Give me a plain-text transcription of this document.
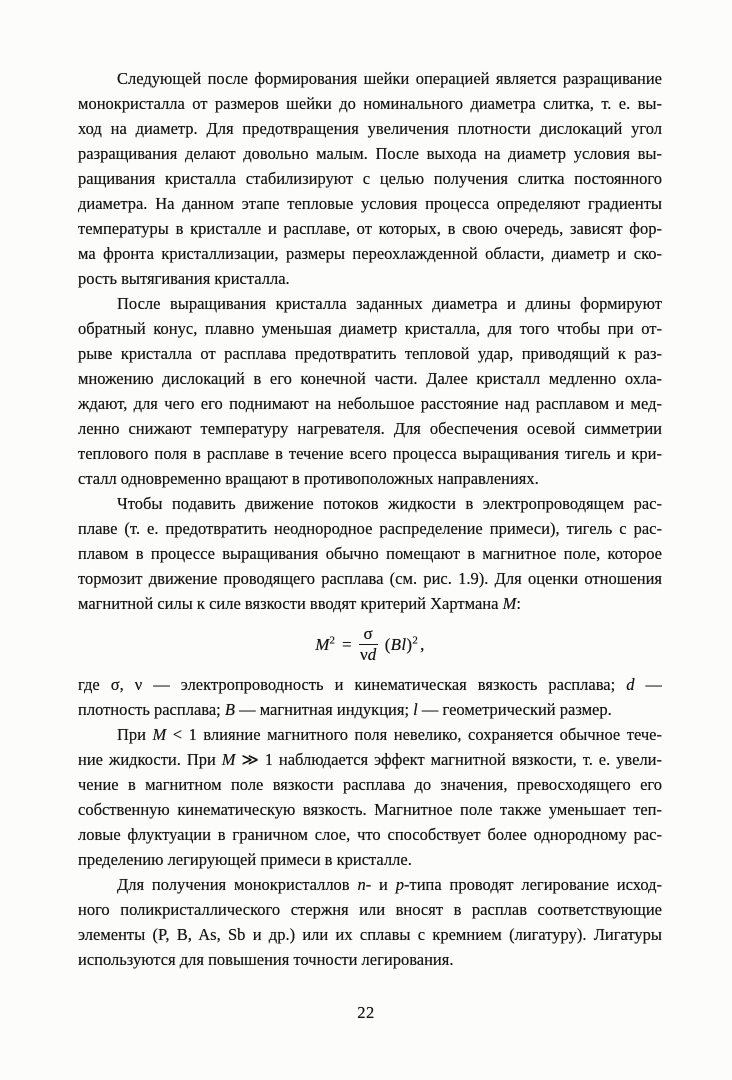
Следующей после формирования шейки операцией является разращивание
монокристалла от размеров шейки до номинального диаметра слитка, т. е. вы-
ход на диаметр. Для предотвращения увеличения плотности дислокаций угол
разращивания делают довольно малым. После выхода на диаметр условия вы-
ращивания кристалла стабилизируют с целью получения слитка постоянного
диаметра. На данном этапе тепловые условия процесса определяют градиенты
температуры в кристалле и расплаве, от которых, в свою очередь, зависят фор-
ма фронта кристаллизации, размеры переохлажденной области, диаметр и ско-
рость вытягивания кристалла.
После выращивания кристалла заданных диаметра и длины формируют
обратный конус, плавно уменьшая диаметр кристалла, для того чтобы при от-
рыве кристалла от расплава предотвратить тепловой удар, приводящий к раз-
множению дислокаций в его конечной части. Далее кристалл медленно охла-
ждают, для чего его поднимают на небольшое расстояние над расплавом и мед-
ленно снижают температуру нагревателя. Для обеспечения осевой симметрии
теплового поля в расплаве в течение всего процесса выращивания тигель и кри-
сталл одновременно вращают в противоположных направлениях.
Чтобы подавить движение потоков жидкости в электропроводящем рас-
плаве (т. е. предотвратить неоднородное распределение примеси), тигель с рас-
плавом в процессе выращивания обычно помещают в магнитное поле, которое
тормозит движение проводящего расплава (см. рис. 1.9). Для оценки отношения
магнитной силы к силе вязкости вводят критерий Хартмана M:
$M^2 = \frac{\sigma}{\nu d} (Bl)^2$ ,
где σ, ν — электропроводность и кинематическая вязкость расплава; d —
плотность расплава; B — магнитная индукция; l — геометрический размер.
При M < 1 влияние магнитного поля невелико, сохраняется обычное тече-
ние жидкости. При M ≫ 1 наблюдается эффект магнитной вязкости, т. е. увели-
чение в магнитном поле вязкости расплава до значения, превосходящего его
собственную кинематическую вязкость. Магнитное поле также уменьшает теп-
ловые флуктуации в граничном слое, что способствует более однородному рас-
пределению легирующей примеси в кристалле.
Для получения монокристаллов n- и p-типа проводят легирование исход-
ного поликристаллического стержня или вносят в расплав соответствующие
элементы (P, B, As, Sb и др.) или их сплавы с кремнием (лигатуру). Лигатуры
используются для повышения точности легирования.
22
